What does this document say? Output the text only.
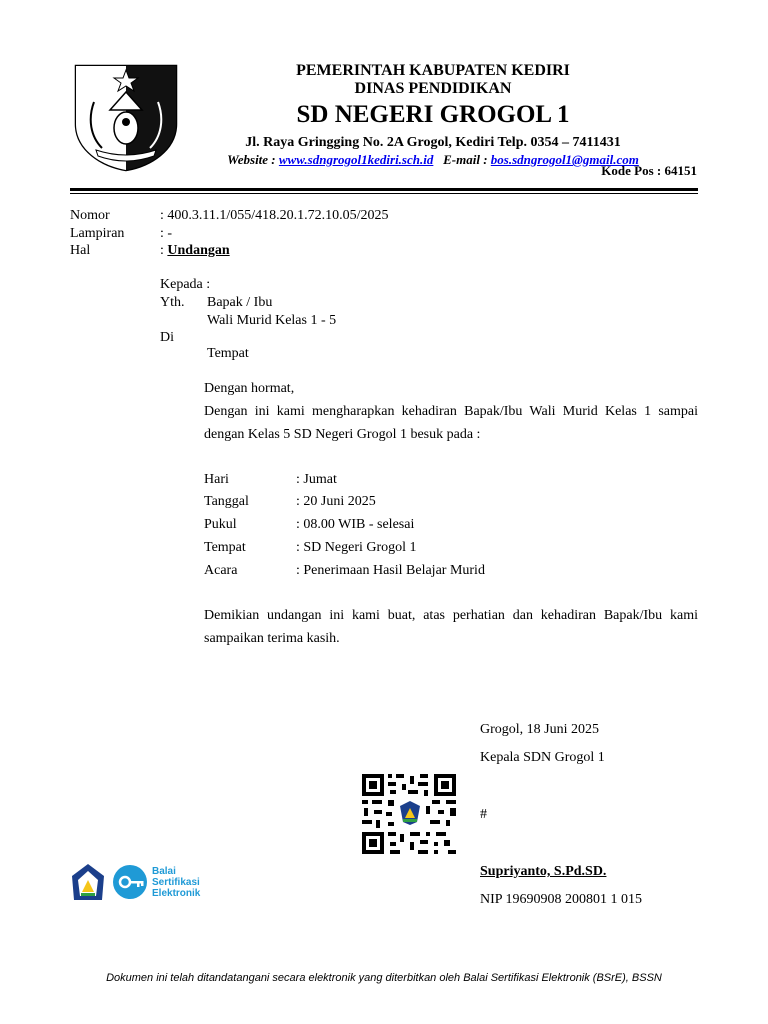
PEMERINTAH KABUPATEN KEDIRI
DINAS PENDIDIKAN
SD NEGERI GROGOL 1
Jl. Raya Gringging No. 2A Grogol, Kediri Telp. 0354 – 7411431
Website : www.sdngrogol1kediri.sch.id E-mail : bos.sdngrogol1@gmail.com
Kode Pos : 64151
Nomor	: 400.3.11.1/055/418.20.1.72.10.05/2025
Lampiran	: -
Hal	: Undangan
Kepada :
Yth. Bapak / Ibu
Wali Murid Kelas 1 - 5
Di
Tempat
Dengan hormat,
Dengan ini kami mengharapkan kehadiran Bapak/Ibu Wali Murid Kelas 1 sampai dengan Kelas 5 SD Negeri Grogol 1 besuk pada :
Hari	: Jumat
Tanggal	: 20 Juni 2025
Pukul	: 08.00 WIB - selesai
Tempat	: SD Negeri Grogol 1
Acara	: Penerimaan Hasil Belajar Murid
Demikian undangan ini kami buat, atas perhatian dan kehadiran Bapak/Ibu kami sampaikan terima kasih.
Grogol, 18 Juni 2025
Kepala SDN Grogol 1
#
Supriyanto, S.Pd.SD.
NIP 19690908 200801 1 015
Balai
Sertifikasi
Elektronik
Dokumen ini telah ditandatangani secara elektronik yang diterbitkan oleh Balai Sertifikasi Elektronik (BSrE), BSSN
